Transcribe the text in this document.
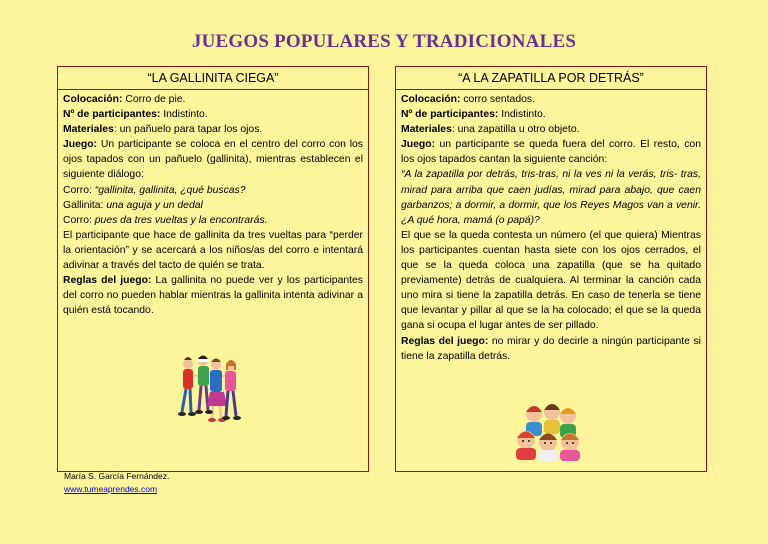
JUEGOS POPULARES Y TRADICIONALES
“LA GALLINITA CIEGA”

Colocación: Corro de pie.

Nº de participantes: Indistinto.

Materiales: un pañuelo para tapar los ojos.

Juego: Un participante se coloca en el centro del corro con los ojos tapados con un pañuelo (gallinita), mientras establecen el siguiente diálogo:

Corro: “gallinita, gallinita, ¿qué buscas?

Gallinita: una aguja y un dedal

Corro: pues da tres vueltas y la encontrarás.

El participante que hace de gallinita da tres vueltas para “perder la orientación” y se acercará a los niños/as del corro e intentará adivinar a través del tacto de quién se trata.

Reglas del juego: La gallinita no puede ver y los participantes del corro no pueden hablar mientras la gallinita intenta adivinar a quién está tocando.

“A LA ZAPATILLA POR DETRÁS”

Colocación: corro sentados.

Nº de participantes: Indistinto.

Materiales: una zapatilla u otro objeto.

Juego: un participante se queda fuera del corro. El resto, con los ojos tapados cantan la siguiente canción:

“A la zapatilla por detrás, tris-tras, ni la ves ni la verás, tris- tras, mirad para arriba que caen judías, mirad para abajo, que caen garbanzos; a dormir, a dormir, que los Reyes Magos van a venir. ¿A qué hora, mamá (o papá)?

El que se la queda contesta un número (el que quiera) Mientras los participantes cuentan hasta siete con los ojos cerrados, el que se la queda coloca una zapatilla (que se ha quitado previamente) detrás de cualquiera. Al terminar la canción cada uno mira si tiene la zapatilla detrás. En caso de tenerla se tiene que levantar y pillar al que se la ha colocado; el que se la queda gana si ocupa el lugar antes de ser pillado.

Reglas del juego: no mirar y do decirle a ningún participante si tiene la zapatilla detrás.

María S. García Fernández.
www.tumeaprendes.com
